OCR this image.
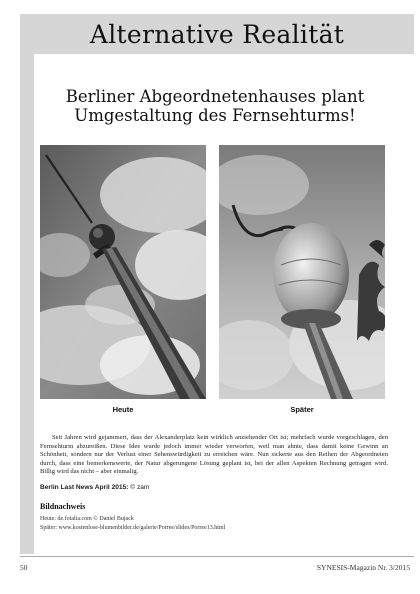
Alternative Realität
Berliner Abgeordnetenhauses plant
Umgestaltung des Fernsehturms!
Heute	Später
Seit Jahren wird gejammert, dass der Alexanderplatz kein wirklich anziehender Ort ist; mehrfach wurde vorgeschlagen, den Fernsehturm abzureißen. Diese Idee wurde jedoch immer wieder verworfen, weil man ahnte, dass damit keine Gewinn an Schönheit, sondern nur der Verlust einer Sehenswürdigkeit zu erreichen wäre. Nun sickerte aus den Reihen der Abgeordneten durch, dass eine bemerkenswerte, der Natur abgerungene Lösung geplant ist, bei der allen Aspekten Rechnung getragen wird. Billig wird das nicht – aber einmalig.
Berlin Last News April 2015: © zam
Bildnachweis
Heute: de.fotalia.com © Daniel Bujack
Später: www.kostenlose-blumenbilder.de/galerie/Porree/slides/Porree13.html
50	SYNESIS-Magazin Nr. 3/2015
